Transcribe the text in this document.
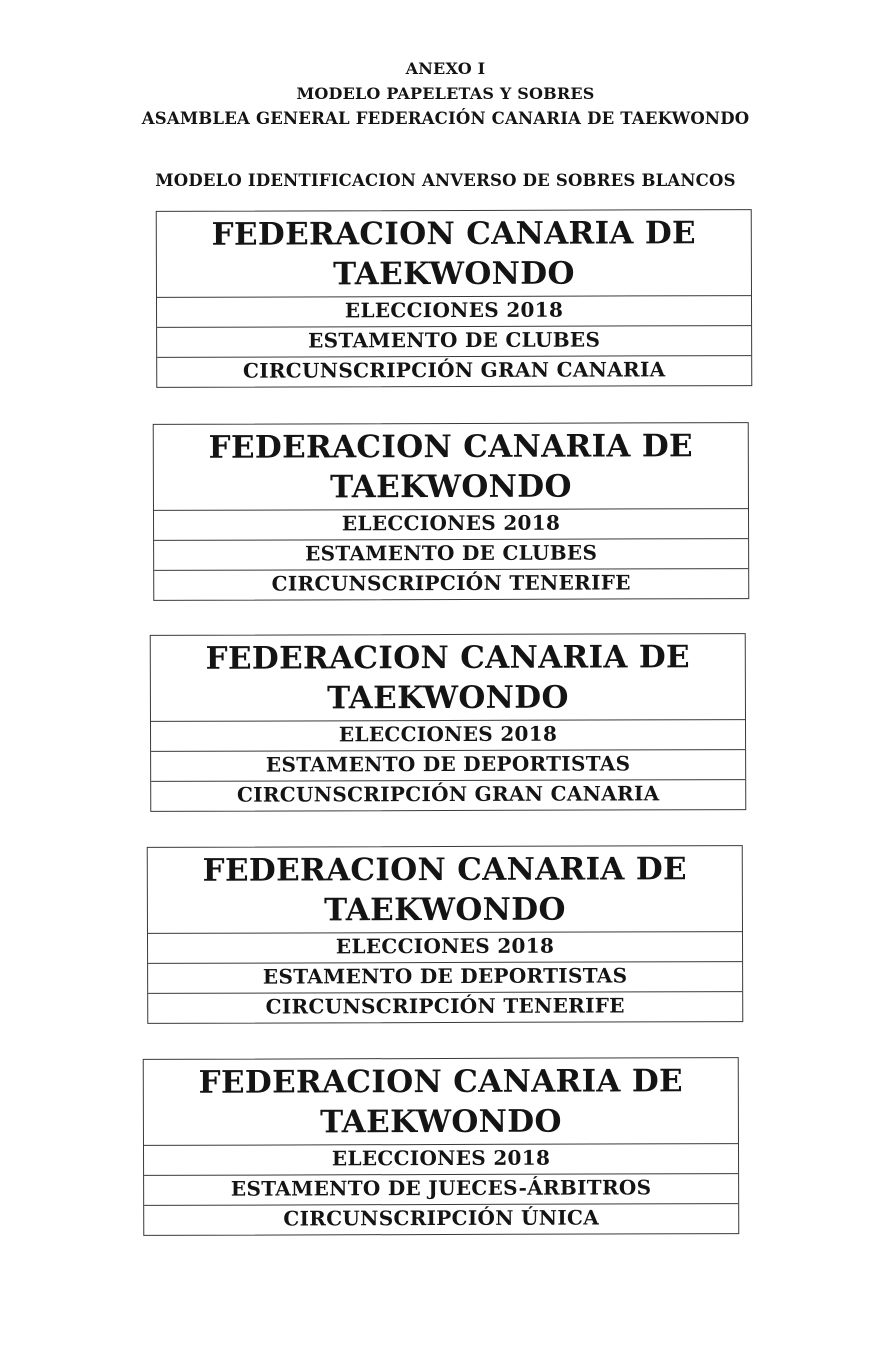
ANEXO I
MODELO PAPELETAS Y SOBRES
ASAMBLEA GENERAL FEDERACIÓN CANARIA DE TAEKWONDO
MODELO IDENTIFICACION ANVERSO DE SOBRES BLANCOS
FEDERACION CANARIA DE
TAEKWONDO
ELECCIONES 2018
ESTAMENTO DE CLUBES
CIRCUNSCRIPCIÓN GRAN CANARIA
FEDERACION CANARIA DE
TAEKWONDO
ELECCIONES 2018
ESTAMENTO DE CLUBES
CIRCUNSCRIPCIÓN TENERIFE
FEDERACION CANARIA DE
TAEKWONDO
ELECCIONES 2018
ESTAMENTO DE DEPORTISTAS
CIRCUNSCRIPCIÓN GRAN CANARIA
FEDERACION CANARIA DE
TAEKWONDO
ELECCIONES 2018
ESTAMENTO DE DEPORTISTAS
CIRCUNSCRIPCIÓN TENERIFE
FEDERACION CANARIA DE
TAEKWONDO
ELECCIONES 2018
ESTAMENTO DE JUECES-ÁRBITROS
CIRCUNSCRIPCIÓN ÚNICA
